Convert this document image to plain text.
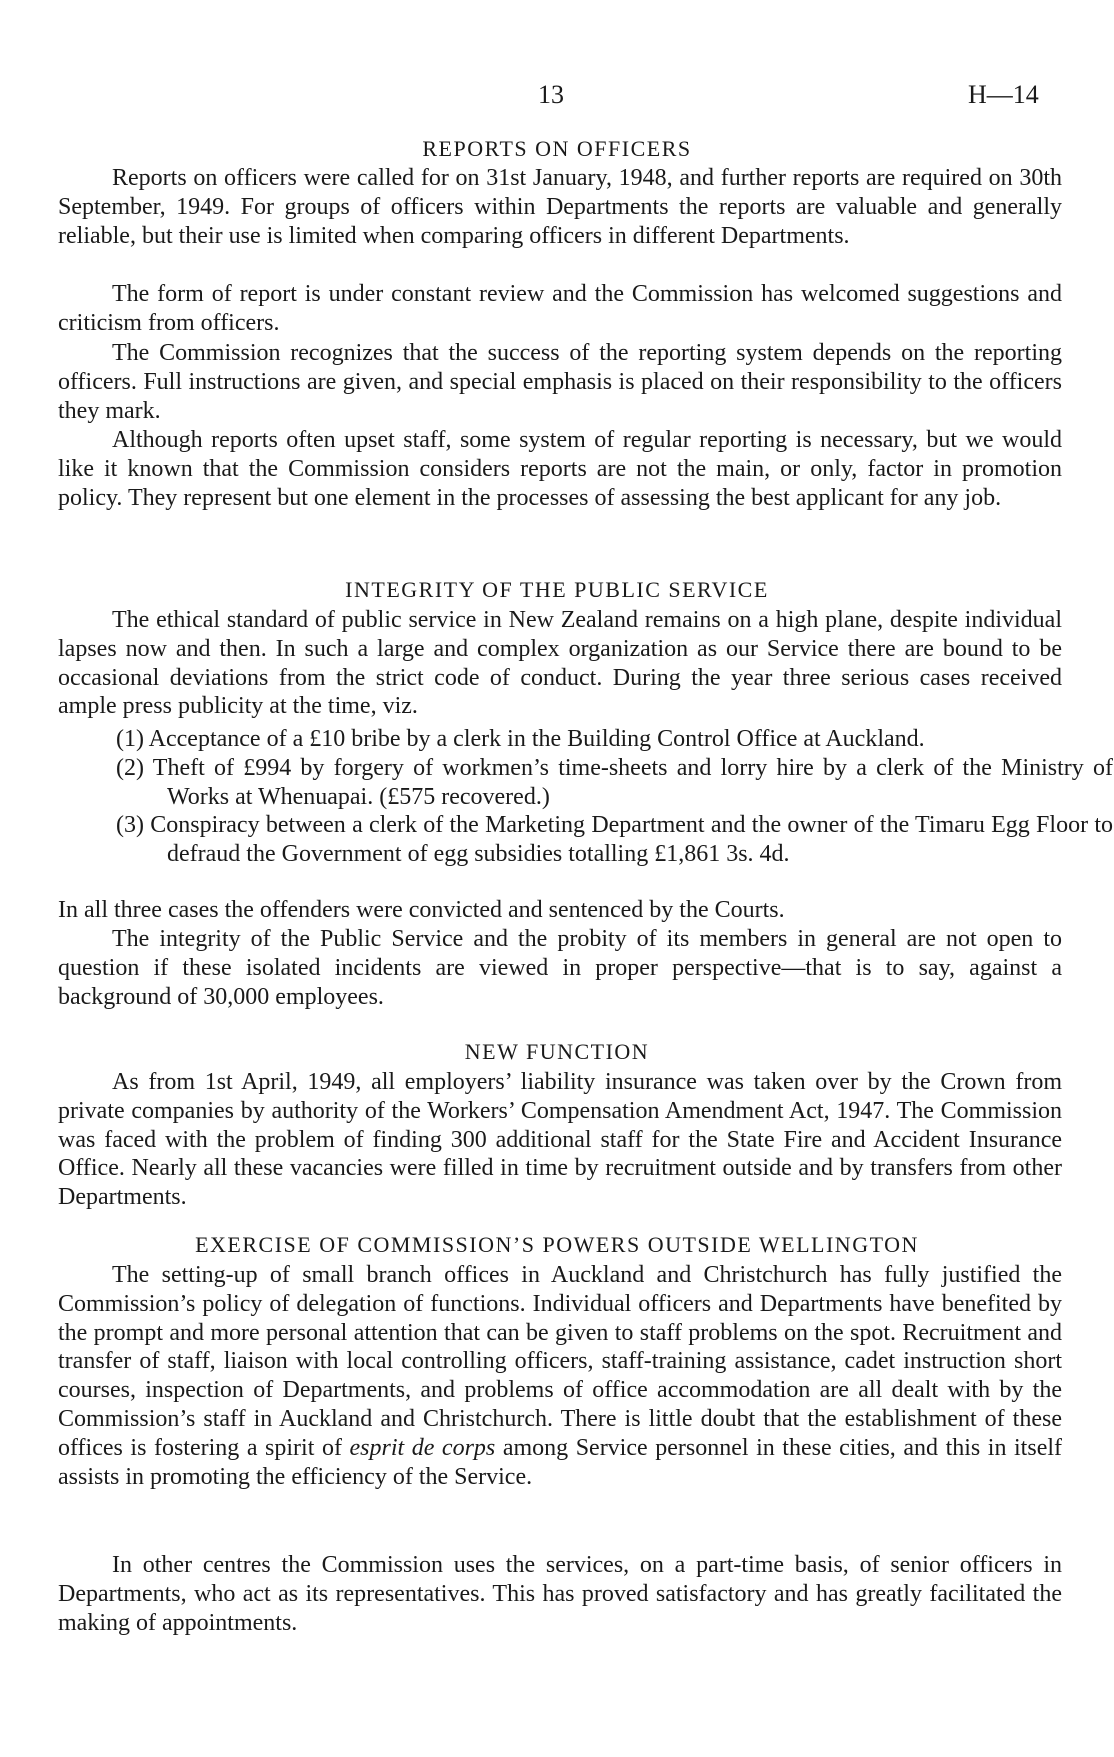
13	H—14
REPORTS ON OFFICERS

Reports on officers were called for on 31st January, 1948, and further reports are required on 30th September, 1949. For groups of officers within Departments the reports are valuable and generally reliable, but their use is limited when comparing officers in different Departments.

The form of report is under constant review and the Commission has welcomed suggestions and criticism from officers.

The Commission recognizes that the success of the reporting system depends on the reporting officers. Full instructions are given, and special emphasis is placed on their responsibility to the officers they mark.

Although reports often upset staff, some system of regular reporting is necessary, but we would like it known that the Commission considers reports are not the main, or only, factor in promotion policy. They represent but one element in the processes of assessing the best applicant for any job.

INTEGRITY OF THE PUBLIC SERVICE

The ethical standard of public service in New Zealand remains on a high plane, despite individual lapses now and then. In such a large and complex organization as our Service there are bound to be occasional deviations from the strict code of conduct. During the year three serious cases received ample press publicity at the time, viz.

(1) Acceptance of a £10 bribe by a clerk in the Building Control Office at Auckland.

(2) Theft of £994 by forgery of workmen’s time-sheets and lorry hire by a clerk of the Ministry of Works at Whenuapai. (£575 recovered.)

(3) Conspiracy between a clerk of the Marketing Department and the owner of the Timaru Egg Floor to defraud the Government of egg subsidies totalling £1,861 3s. 4d.

In all three cases the offenders were convicted and sentenced by the Courts.

The integrity of the Public Service and the probity of its members in general are not open to question if these isolated incidents are viewed in proper perspective—that is to say, against a background of 30,000 employees.

NEW FUNCTION

As from 1st April, 1949, all employers’ liability insurance was taken over by the Crown from private companies by authority of the Workers’ Compensation Amendment Act, 1947. The Commission was faced with the problem of finding 300 additional staff for the State Fire and Accident Insurance Office. Nearly all these vacancies were filled in time by recruitment outside and by transfers from other Departments.

EXERCISE OF COMMISSION’S POWERS OUTSIDE WELLINGTON

The setting-up of small branch offices in Auckland and Christchurch has fully justified the Commission’s policy of delegation of functions. Individual officers and Departments have benefited by the prompt and more personal attention that can be given to staff problems on the spot. Recruitment and transfer of staff, liaison with local controlling officers, staff-training assistance, cadet instruction short courses, inspection of Departments, and problems of office accommodation are all dealt with by the Commission’s staff in Auckland and Christchurch. There is little doubt that the establishment of these offices is fostering a spirit of esprit de corps among Service personnel in these cities, and this in itself assists in promoting the efficiency of the Service.

In other centres the Commission uses the services, on a part-time basis, of senior officers in Departments, who act as its representatives. This has proved satisfactory and has greatly facilitated the making of appointments.
